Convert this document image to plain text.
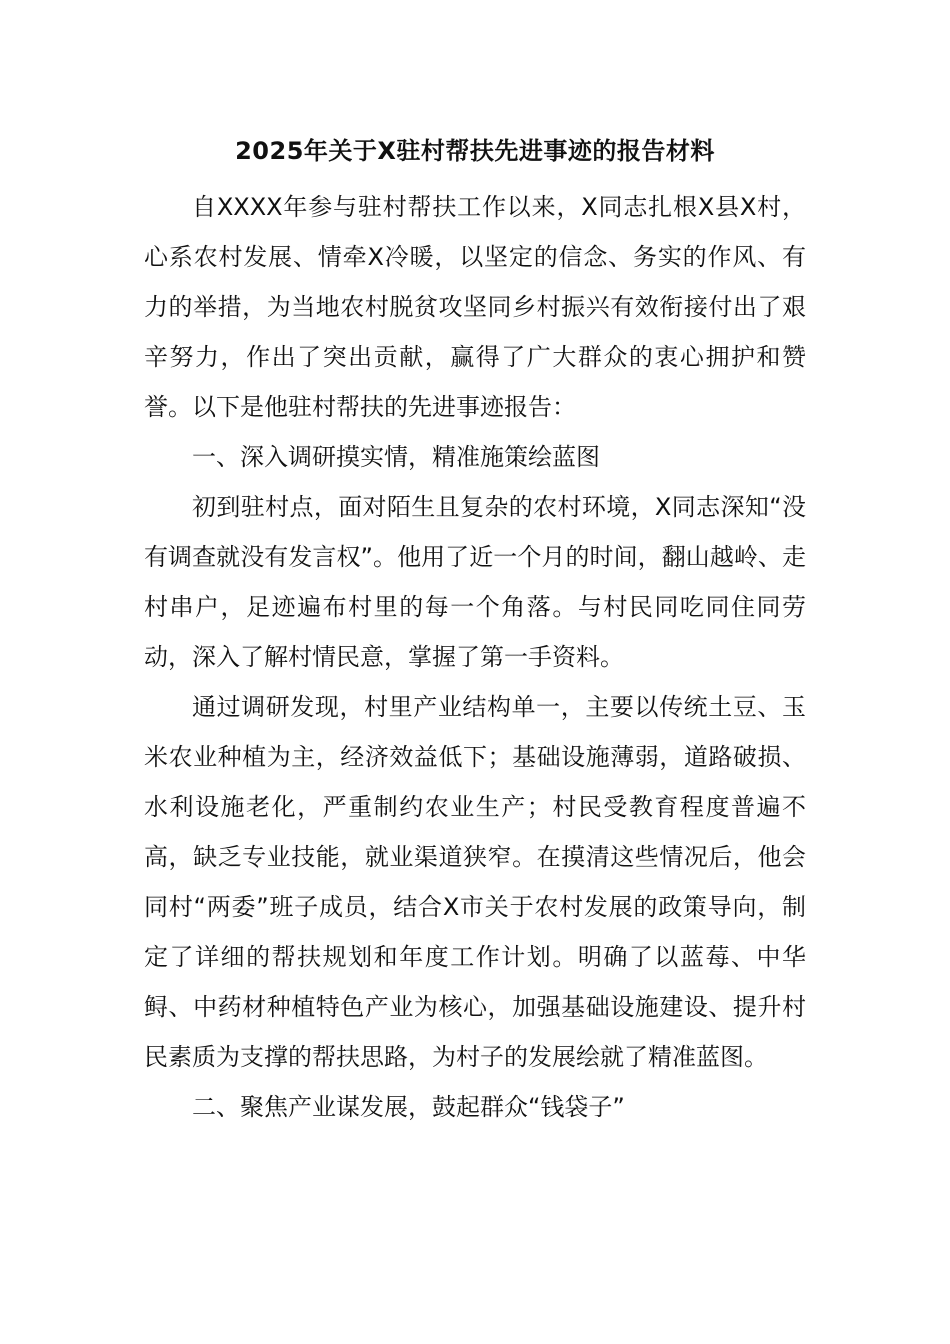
2025年关于X驻村帮扶先进事迹的报告材料

自XXXX年参与驻村帮扶工作以来，X同志扎根X县X村，心系农村发展、情牵X冷暖，以坚定的信念、务实的作风、有力的举措，为当地农村脱贫攻坚同乡村振兴有效衔接付出了艰辛努力，作出了突出贡献，赢得了广大群众的衷心拥护和赞誉。以下是他驻村帮扶的先进事迹报告：

一、深入调研摸实情，精准施策绘蓝图

初到驻村点，面对陌生且复杂的农村环境，X同志深知“没有调查就没有发言权”。他用了近一个月的时间，翻山越岭、走村串户，足迹遍布村里的每一个角落。与村民同吃同住同劳动，深入了解村情民意，掌握了第一手资料。

通过调研发现，村里产业结构单一，主要以传统土豆、玉米农业种植为主，经济效益低下；基础设施薄弱，道路破损、水利设施老化，严重制约农业生产；村民受教育程度普遍不高，缺乏专业技能，就业渠道狭窄。在摸清这些情况后，他会同村“两委”班子成员，结合X市关于农村发展的政策导向，制定了详细的帮扶规划和年度工作计划。明确了以蓝莓、中华鲟、中药材种植特色产业为核心，加强基础设施建设、提升村民素质为支撑的帮扶思路，为村子的发展绘就了精准蓝图。

二、聚焦产业谋发展，鼓起群众“钱袋子”
